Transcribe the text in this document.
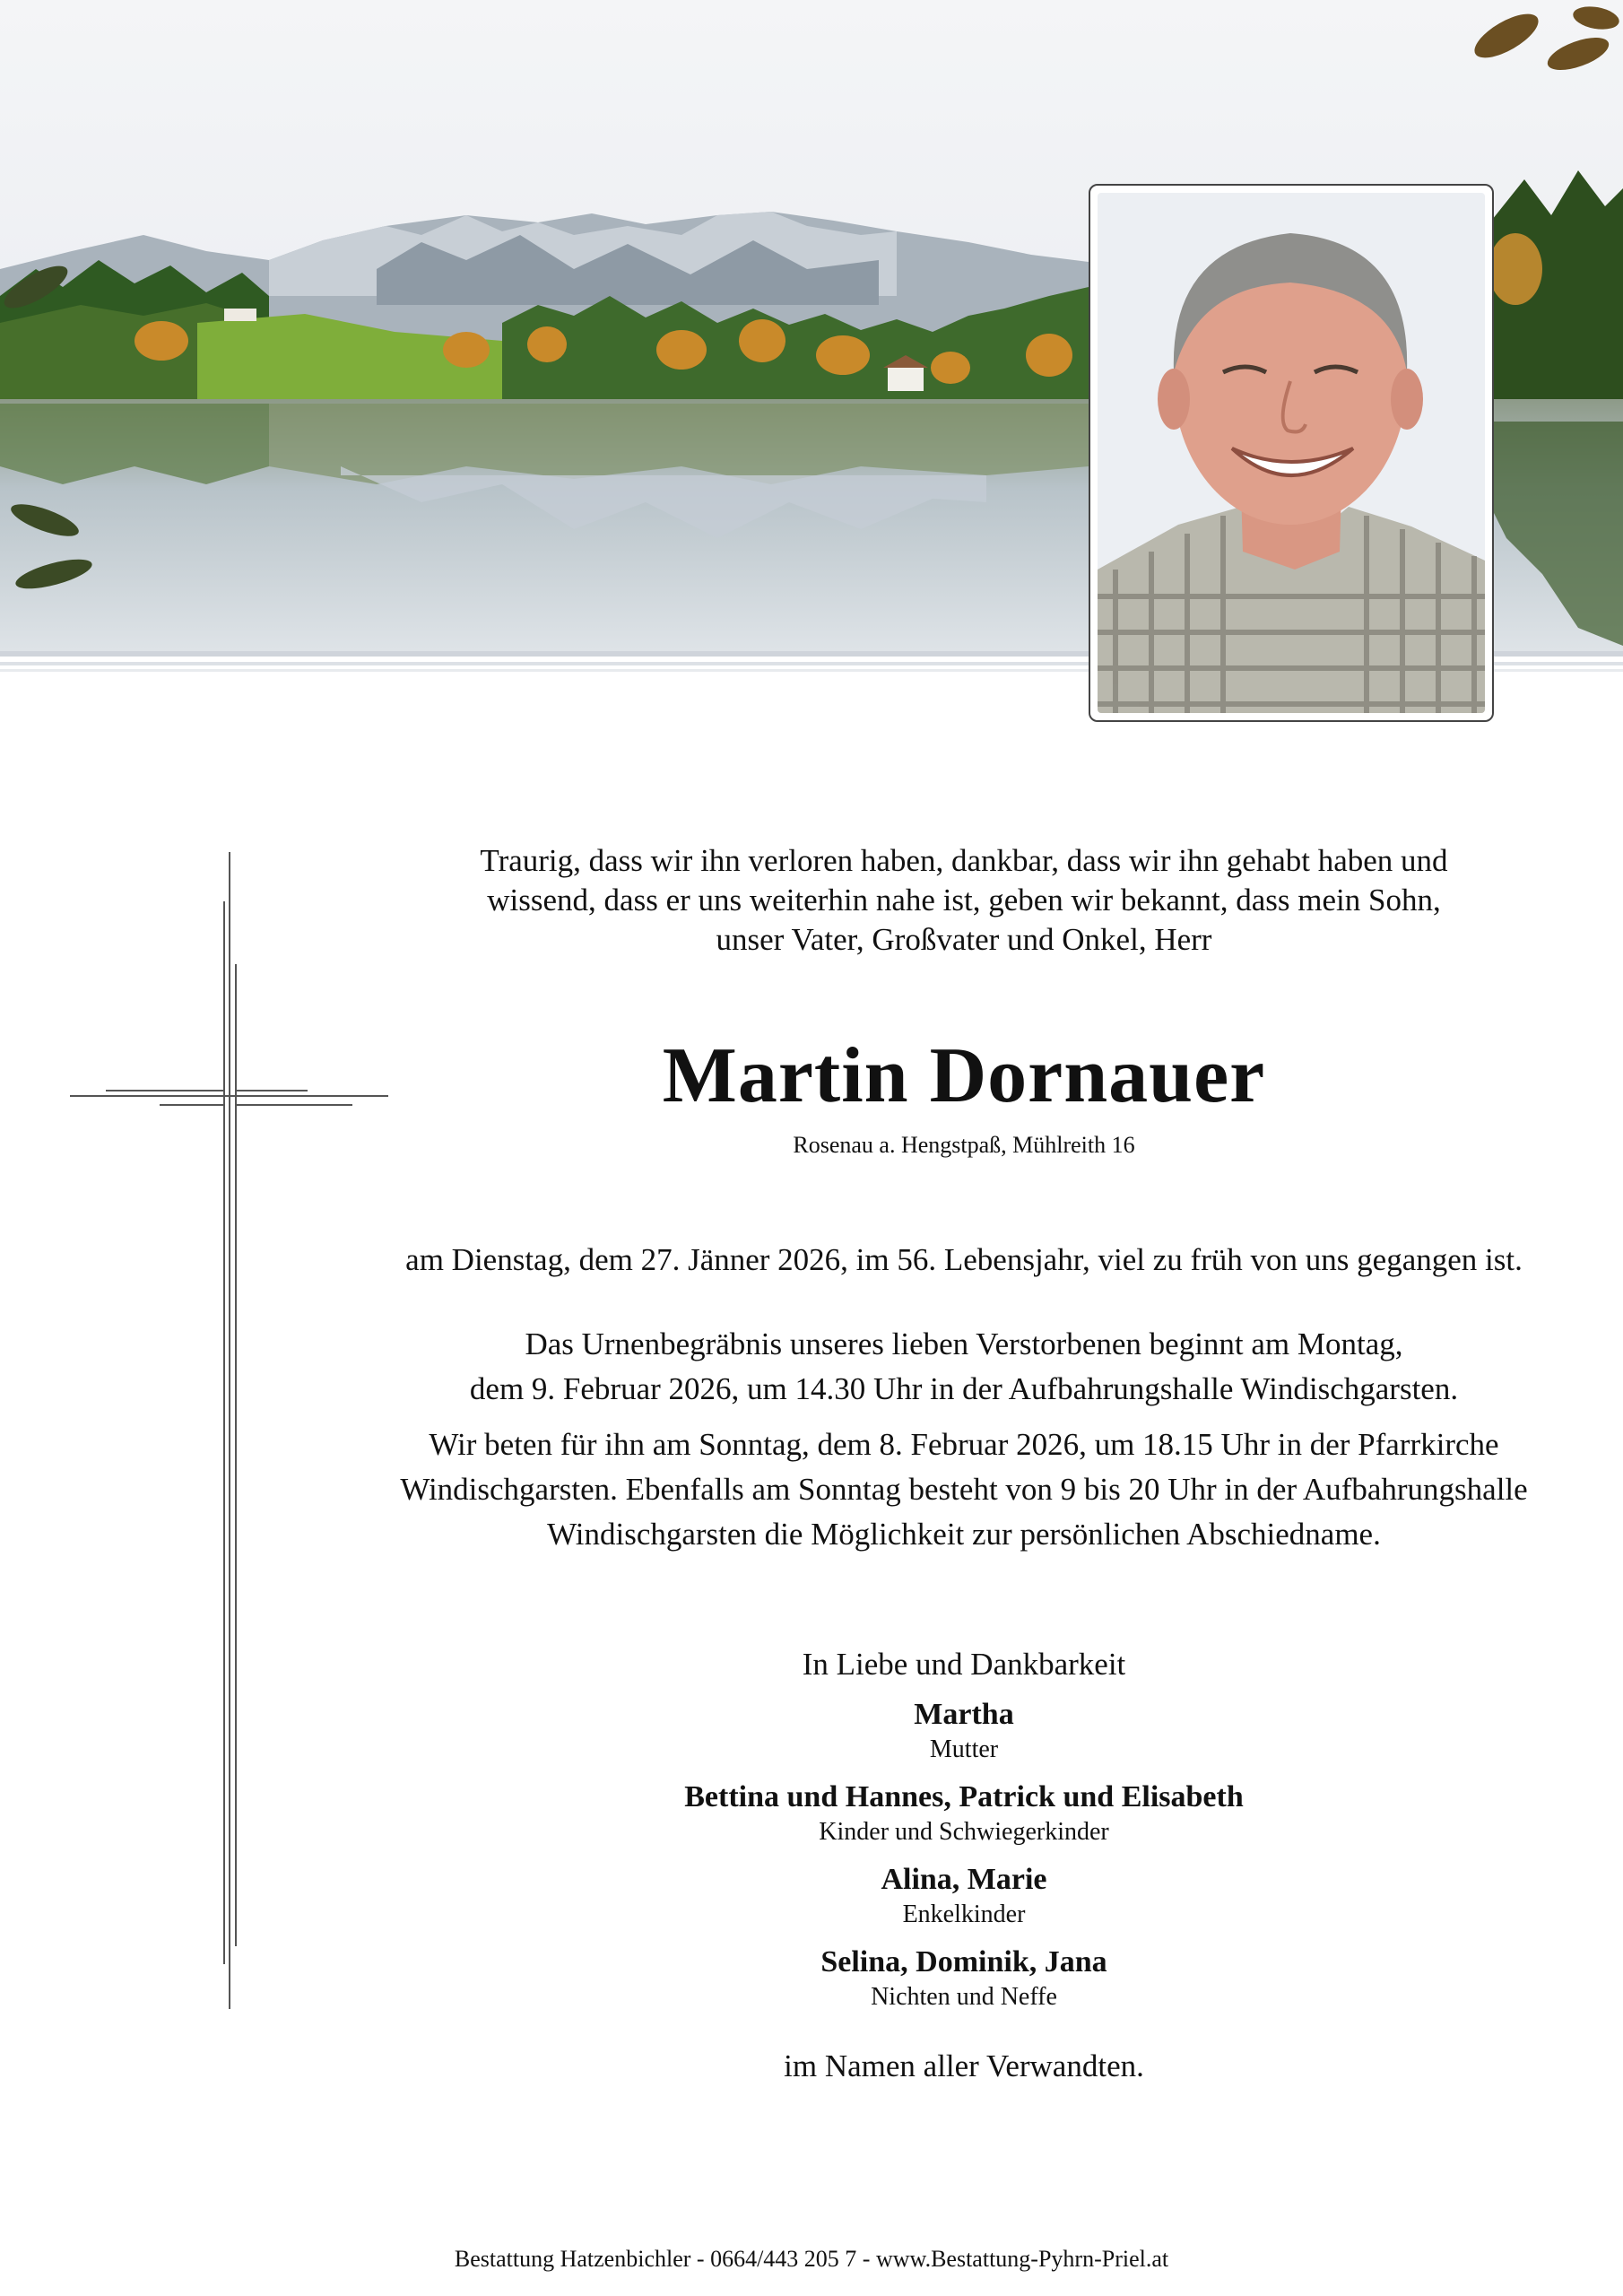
Traurig, dass wir ihn verloren haben, dankbar, dass wir ihn gehabt haben und
wissend, dass er uns weiterhin nahe ist, geben wir bekannt, dass mein Sohn,
unser Vater, Großvater und Onkel, Herr
Martin Dornauer
Rosenau a. Hengstpaß, Mühlreith 16
am Dienstag, dem 27. Jänner 2026, im 56. Lebensjahr, viel zu früh von uns gegangen ist.
Das Urnenbegräbnis unseres lieben Verstorbenen beginnt am Montag,
dem 9. Februar 2026, um 14.30 Uhr in der Aufbahrungshalle Windischgarsten.
Wir beten für ihn am Sonntag, dem 8. Februar 2026, um 18.15 Uhr in der Pfarrkirche
Windischgarsten. Ebenfalls am Sonntag besteht von 9 bis 20 Uhr in der Aufbahrungshalle
Windischgarsten die Möglichkeit zur persönlichen Abschiedname.
In Liebe und Dankbarkeit
Martha
Mutter
Bettina und Hannes, Patrick und Elisabeth
Kinder und Schwiegerkinder
Alina, Marie
Enkelkinder
Selina, Dominik, Jana
Nichten und Neffe
im Namen aller Verwandten.
Bestattung Hatzenbichler - 0664/443 205 7 - www.Bestattung-Pyhrn-Priel.at
